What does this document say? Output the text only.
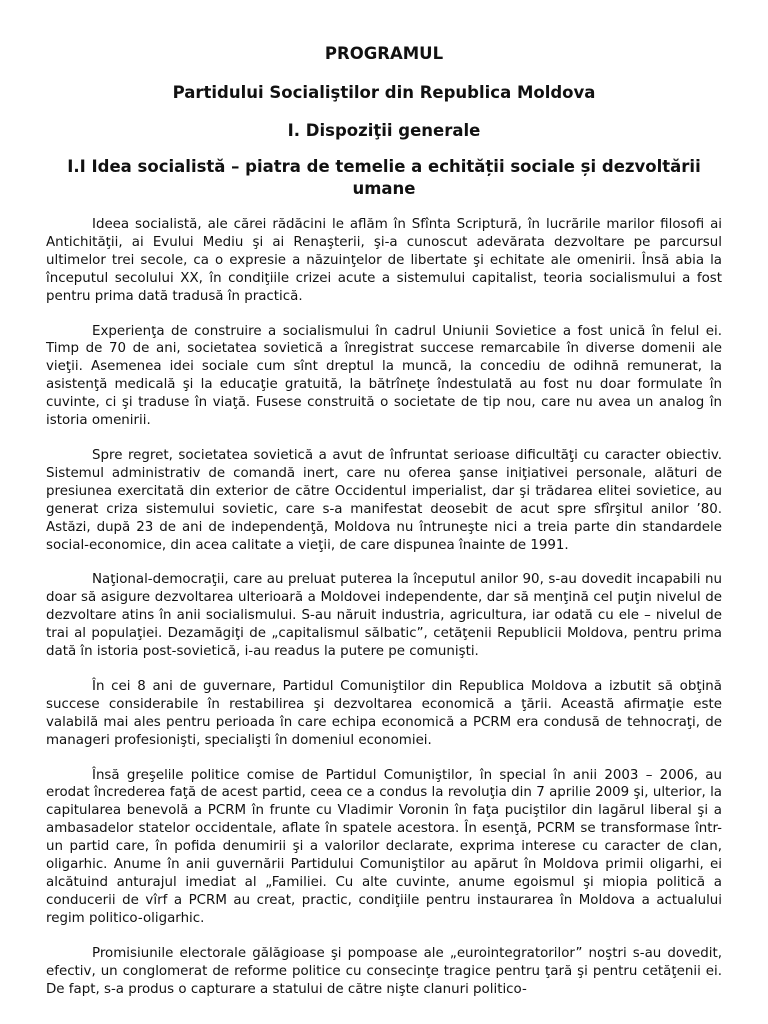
PROGRAMUL
Partidului Socialiştilor din Republica Moldova
I. Dispoziţii generale
I.I Idea socialistă – piatra de temelie a echității sociale și dezvoltării umane

Ideea socialistă, ale cărei rădăcini le aflăm în Sfînta Scriptură, în lucrările marilor filosofi ai Antichităţii, ai Evului Mediu şi ai Renaşterii, şi-a cunoscut adevărata dezvoltare pe parcursul ultimelor trei secole, ca o expresie a năzuinţelor de libertate şi echitate ale omenirii. Însă abia la începutul secolului XX, în condiţiile crizei acute a sistemului capitalist, teoria socialismului a fost pentru prima dată tradusă în practică.

Experienţa de construire a socialismului în cadrul Uniunii Sovietice a fost unică în felul ei. Timp de 70 de ani, societatea sovietică a înregistrat succese remarcabile în diverse domenii ale vieţii. Asemenea idei sociale cum sînt dreptul la muncă, la concediu de odihnă remunerat, la asistenţă medicală şi la educaţie gratuită, la bătrîneţe îndestulată au fost nu doar formulate în cuvinte, ci şi traduse în viaţă. Fusese construită o societate de tip nou, care nu avea un analog în istoria omenirii.

Spre regret, societatea sovietică a avut de înfruntat serioase dificultăţi cu caracter obiectiv. Sistemul administrativ de comandă inert, care nu oferea şanse iniţiativei personale, alături de presiunea exercitată din exterior de către Occidentul imperialist, dar şi trădarea elitei sovietice, au generat criza sistemului sovietic, care s-a manifestat deosebit de acut spre sfîrşitul anilor ’80. Astăzi, după 23 de ani de independenţă, Moldova nu întruneşte nici a treia parte din standardele social-economice, din acea calitate a vieţii, de care dispunea înainte de 1991.

Naţional-democraţii, care au preluat puterea la începutul anilor 90, s-au dovedit incapabili nu doar să asigure dezvoltarea ulterioară a Moldovei independente, dar să menţină cel puţin nivelul de dezvoltare atins în anii socialismului. S-au năruit industria, agricultura, iar odată cu ele – nivelul de trai al populaţiei. Dezamăgiţi de „capitalismul sălbatic”, cetăţenii Republicii Moldova, pentru prima dată în istoria post-sovietică, i-au readus la putere pe comunişti.

În cei 8 ani de guvernare, Partidul Comuniştilor din Republica Moldova a izbutit să obţină succese considerabile în restabilirea şi dezvoltarea economică a ţării. Această afirmaţie este valabilă mai ales pentru perioada în care echipa economică a PCRM era condusă de tehnocraţi, de manageri profesionişti, specialişti în domeniul economiei.

Însă greşelile politice comise de Partidul Comuniştilor, în special în anii 2003 – 2006, au erodat încrederea faţă de acest partid, ceea ce a condus la revoluţia din 7 aprilie 2009 şi, ulterior, la capitularea benevolă a PCRM în frunte cu Vladimir Voronin în faţa puciştilor din lagărul liberal şi a ambasadelor statelor occidentale, aflate în spatele acestora. În esenţă, PCRM se transformase într-un partid care, în pofida denumirii şi a valorilor declarate, exprima interese cu caracter de clan, oligarhic. Anume în anii guvernării Partidului Comuniştilor au apărut în Moldova primii oligarhi, ei alcătuind anturajul imediat al „Familiei. Cu alte cuvinte, anume egoismul şi miopia politică a conducerii de vîrf a PCRM au creat, practic, condiţiile pentru instaurarea în Moldova a actualului regim politico-oligarhic.

Promisiunile electorale gălăgioase şi pompoase ale „eurointegratorilor” noştri s-au dovedit, efectiv, un conglomerat de reforme politice cu consecinţe tragice pentru ţară şi pentru cetăţenii ei. De fapt, s-a produs o capturare a statului de către nişte clanuri politico-
